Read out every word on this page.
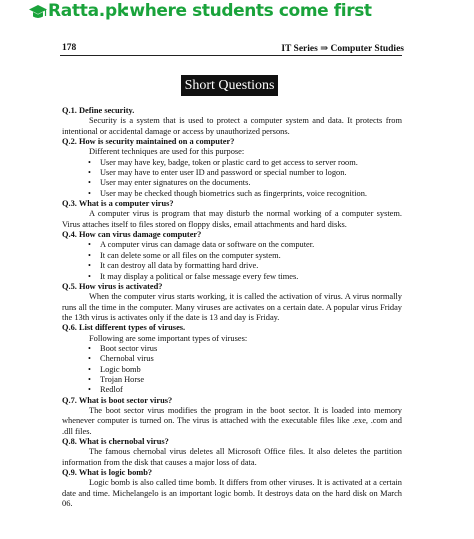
Ratta.pk
:where students come first
178	IT Series ⇒ Computer Studies
Short Questions

Q.1. Define security.

Security is a system that is used to protect a computer system and data. It protects from intentional or accidental damage or access by unauthorized persons.

Q.2. How is security maintained on a computer?

Different techniques are used for this purpose:

• User may have key, badge, token or plastic card to get access to server room.
• User may have to enter user ID and password or special number to logon.
• User may enter signatures on the documents.
• User may be checked though biometrics such as fingerprints, voice recognition.

Q.3. What is a computer virus?

A computer virus is program that may disturb the normal working of a computer system. Virus attaches itself to files stored on floppy disks, email attachments and hard disks.

Q.4. How can virus damage computer?

• A computer virus can damage data or software on the computer.
• It can delete some or all files on the computer system.
• It can destroy all data by formatting hard drive.
• It may display a political or false message every few times.

Q.5. How virus is activated?

When the computer virus starts working, it is called the activation of virus. A virus normally runs all the time in the computer. Many viruses are activates on a certain date. A popular virus Friday the 13th virus is activates only if the date is 13 and day is Friday.

Q.6. List different types of viruses.

Following are some important types of viruses:

• Boot sector virus
• Chernobal virus
• Logic bomb
• Trojan Horse
• Redlof

Q.7. What is boot sector virus?

The boot sector virus modifies the program in the boot sector. It is loaded into memory whenever computer is turned on. The virus is attached with the executable files like .exe, .com and .dll files.

Q.8. What is chernobal virus?

The famous chernobal virus deletes all Microsoft Office files. It also deletes the partition information from the disk that causes a major loss of data.

Q.9. What is logic bomb?

Logic bomb is also called time bomb. It differs from other viruses. It is activated at a certain date and time. Michelangelo is an important logic bomb. It destroys data on the hard disk on March 06.
